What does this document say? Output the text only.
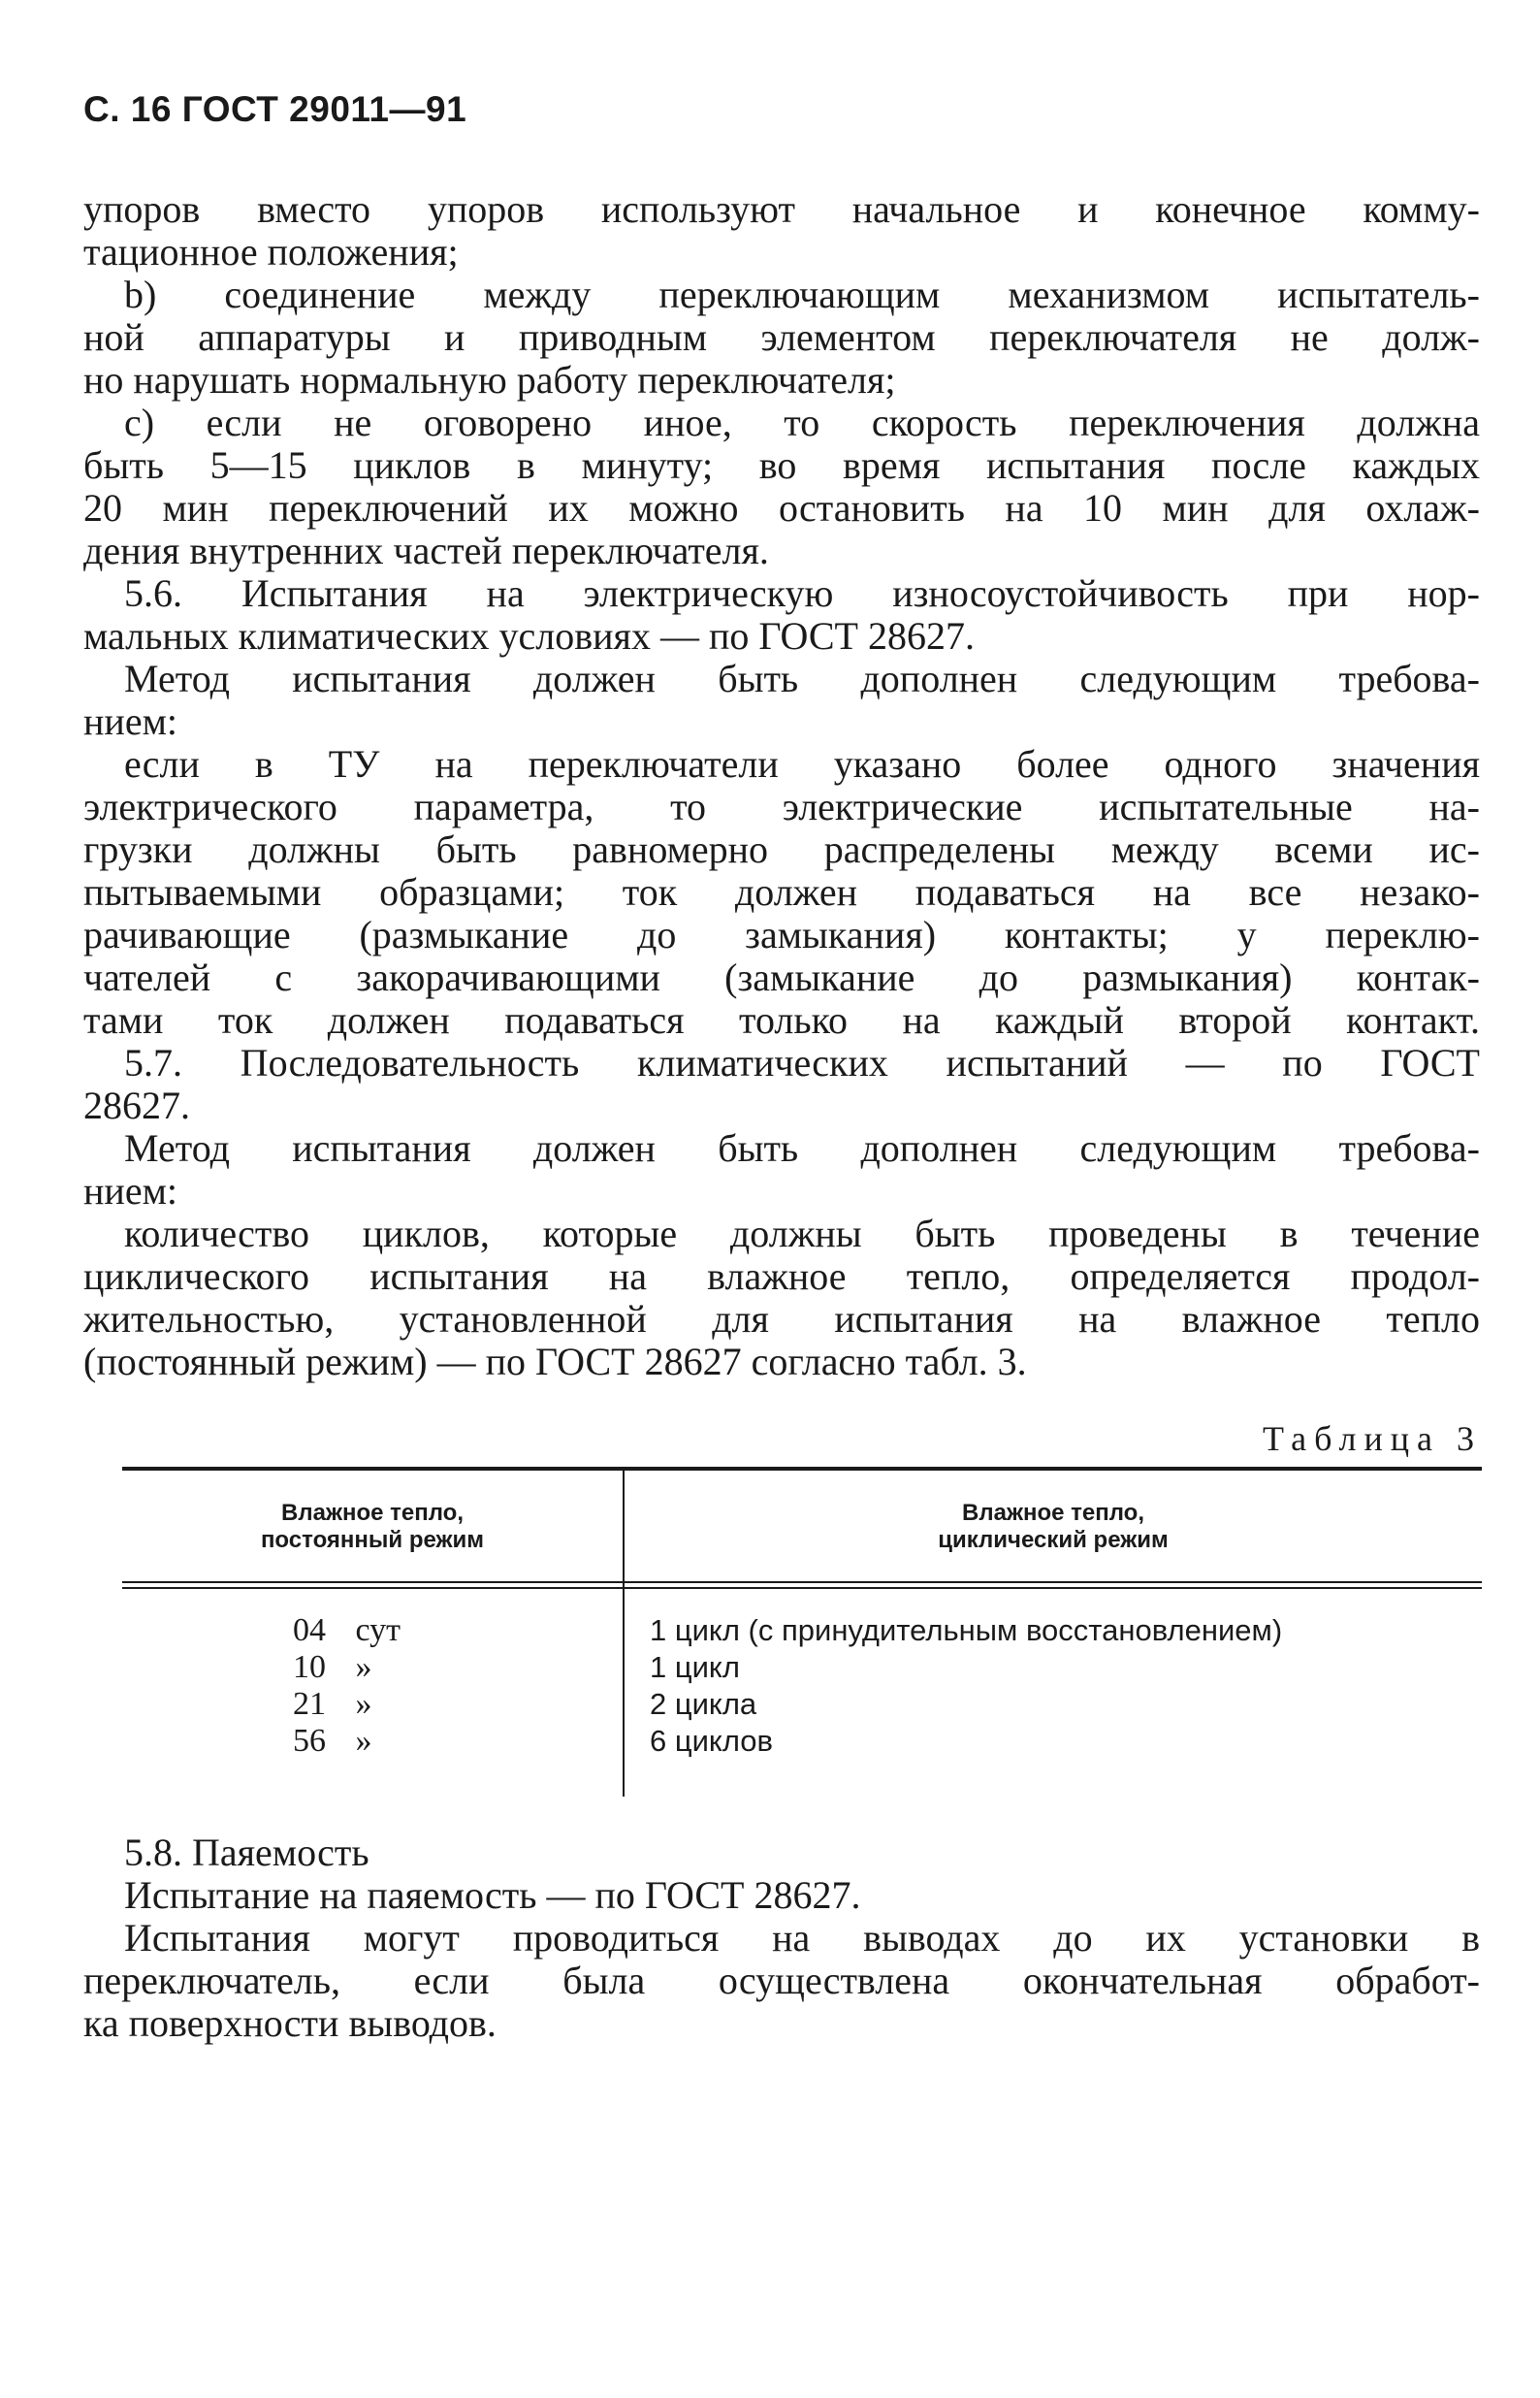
С. 16 ГОСТ 29011—91
упоров вместо упоров используют начальное и конечное комму-
тационное положения;
b) соединение между переключающим механизмом испытатель-
ной аппаратуры и приводным элементом переключателя не долж-
но нарушать нормальную работу переключателя;
с) если не оговорено иное, то скорость переключения должна
быть 5—15 циклов в минуту; во время испытания после каждых
20 мин переключений их можно остановить на 10 мин для охлаж-
дения внутренних частей переключателя.
5.6. Испытания на электрическую износоустойчивость при нор-
мальных климатических условиях — по ГОСТ 28627.
Метод испытания должен быть дополнен следующим требова-
нием:
если в ТУ на переключатели указано более одного значения
электрического параметра, то электрические испытательные на-
грузки должны быть равномерно распределены между всеми ис-
пытываемыми образцами; ток должен подаваться на все незако-
рачивающие (размыкание до замыкания) контакты; у переклю-
чателей с закорачивающими (замыкание до размыкания) контак-
тами ток должен подаваться только на каждый второй контакт.
5.7. Последовательность климатических испытаний — по ГОСТ
28627.
Метод испытания должен быть дополнен следующим требова-
нием:
количество циклов, которые должны быть проведены в течение
циклического испытания на влажное тепло, определяется продол-
жительностью, установленной для испытания на влажное тепло
(постоянный режим) — по ГОСТ 28627 согласно табл. 3.
Таблица 3
Влажное тепло, постоянный режим
Влажное тепло, циклический режим
04 сут
10 »
21 »
56 »
1 цикл (с принудительным восстановлением)
1 цикл
2 цикла
6 циклов
5.8. Паяемость
Испытание на паяемость — по ГОСТ 28627.
Испытания могут проводиться на выводах до их установки в
переключатель, если была осуществлена окончательная обработ-
ка поверхности выводов.
